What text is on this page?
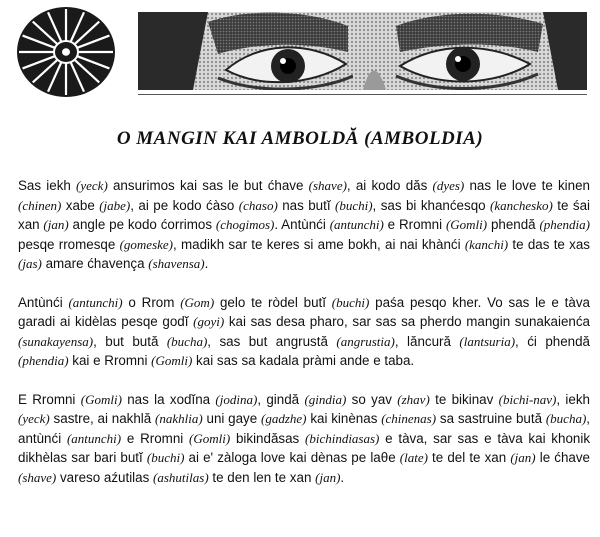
O MANGIN KAI AMBOLDĂ (AMBOLDIA)

Sas iekh (yeck) ansurimos kai sas le but ćhave (shave), ai kodo dăs (dyes) nas le love te kinen (chinen) xabe (jabe), ai pe kodo ćàso (chaso) nas butĭ (buchi), sas bi khanćesqo (kanchesko) te śai xan (jan) angle pe kodo ćorrimos (chogimos). Antùnći (antunchi) e Rromni (Gomli) phendă (phendia) pesqe rromesqe (gomeske), madikh sar te keres si ame bokh, ai nai khànći (kanchi) te das te xas (jas) amare ćhavença (shavensa).

Antùnći (antunchi) o Rrom (Gom) gelo te ròdel butĭ (buchi) paśa pesqo kher. Vo sas le e tàva garadi ai kidèlas pesqe godĭ (goyi) kai sas desa pharo, sar sas sa pherdo mangin sunakaienća (sunakayensa), but bută (bucha), sas but angrustă (angrustia), lăncură (lantsuria), ći phendă (phendia) kai e Rromni (Gomli) kai sas sa kadala pràmi ande e taba.

E Rromni (Gomli) nas la xodĭna (jodina), gindă (gindia) so yav (zhav) te bikinav (bichi-nav), iekh (yeck) sastre, ai nakhlă (nakhlia) uni gaye (gadzhe) kai kinènas (chinenas) sa sastruine bută (bucha), antùnći (antunchi) e Rromni (Gomli) bikindăsas (bichindiasas) e tàva, sar sas e tàva kai khonik dikhèlas sar bari butĭ (buchi) ai e' zàloga love kai dènas pe laθe (late) te del te xan (jan) le ćhave (shave) vareso aźutilas (ashutilas) te den len te xan (jan).
